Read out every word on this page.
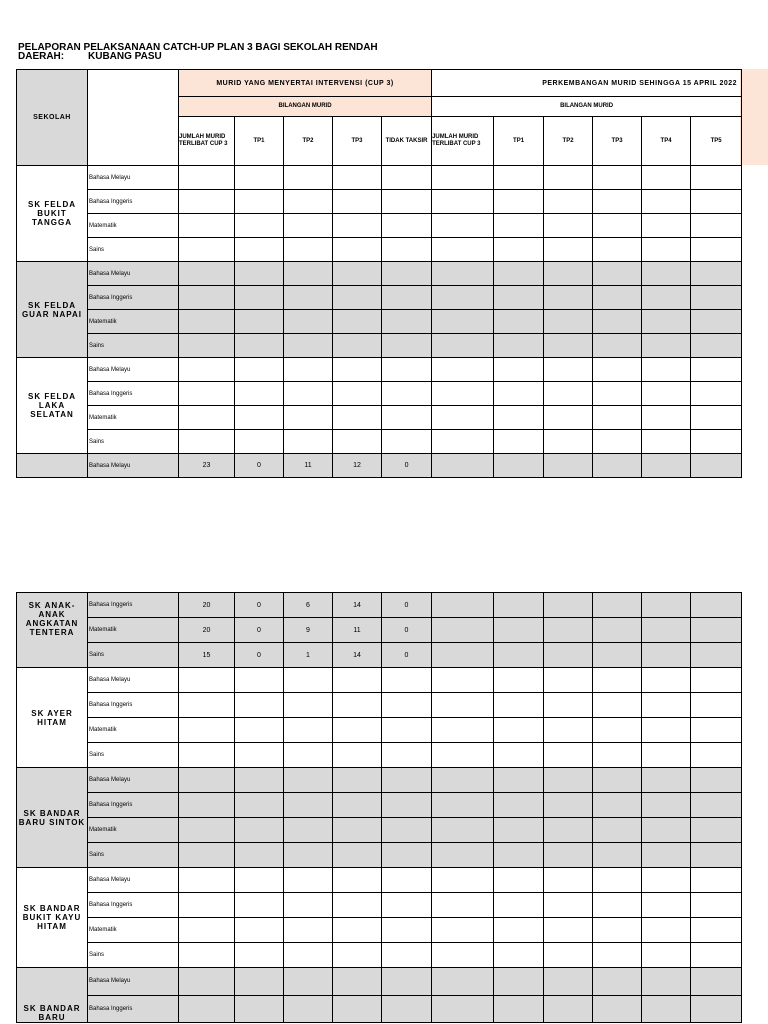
PELAPORAN PELAKSANAAN CATCH-UP PLAN 3 BAGI SEKOLAH RENDAH
DAERAH: KUBANG PASU
SEKOLAH		MURID YANG MENYERTAI INTERVENSI (CUP 3)					PERKEMBANGAN MURID SEHINGGA 15 APRIL 2022					
		BILANGAN MURID					BILANGAN MURID					
		JUMLAH MURID TERLIBAT CUP 3	TP1	TP2	TP3	TIDAK TAKSIR	JUMLAH MURID TERLIBAT CUP 3	TP1	TP2	TP3	TP4	TP5
SK FELDA BUKIT TANGGA	Bahasa Melayu											
	Bahasa Inggeris											
	Matematik											
	Sains											
SK FELDA GUAR NAPAI	Bahasa Melayu											
	Bahasa Inggeris											
	Matematik											
	Sains											
SK FELDA LAKA SELATAN	Bahasa Melayu											
	Bahasa Inggeris											
	Matematik											
	Sains											
	Bahasa Melayu	23	0	11	12	0						
SK ANAK-ANAK ANGKATAN TENTERA	Bahasa Inggeris	20	0	6	14	0						
	Matematik	20	0	9	11	0						
	Sains	15	0	1	14	0						
SK AYER HITAM	Bahasa Melayu											
	Bahasa Inggeris											
	Matematik											
	Sains											
SK BANDAR BARU SINTOK	Bahasa Melayu											
	Bahasa Inggeris											
	Matematik											
	Sains											
SK BANDAR BUKIT KAYU HITAM	Bahasa Melayu											
	Bahasa Inggeris											
	Matematik											
	Sains											
SK BANDAR BARU	Bahasa Melayu											
	Bahasa Inggeris											
